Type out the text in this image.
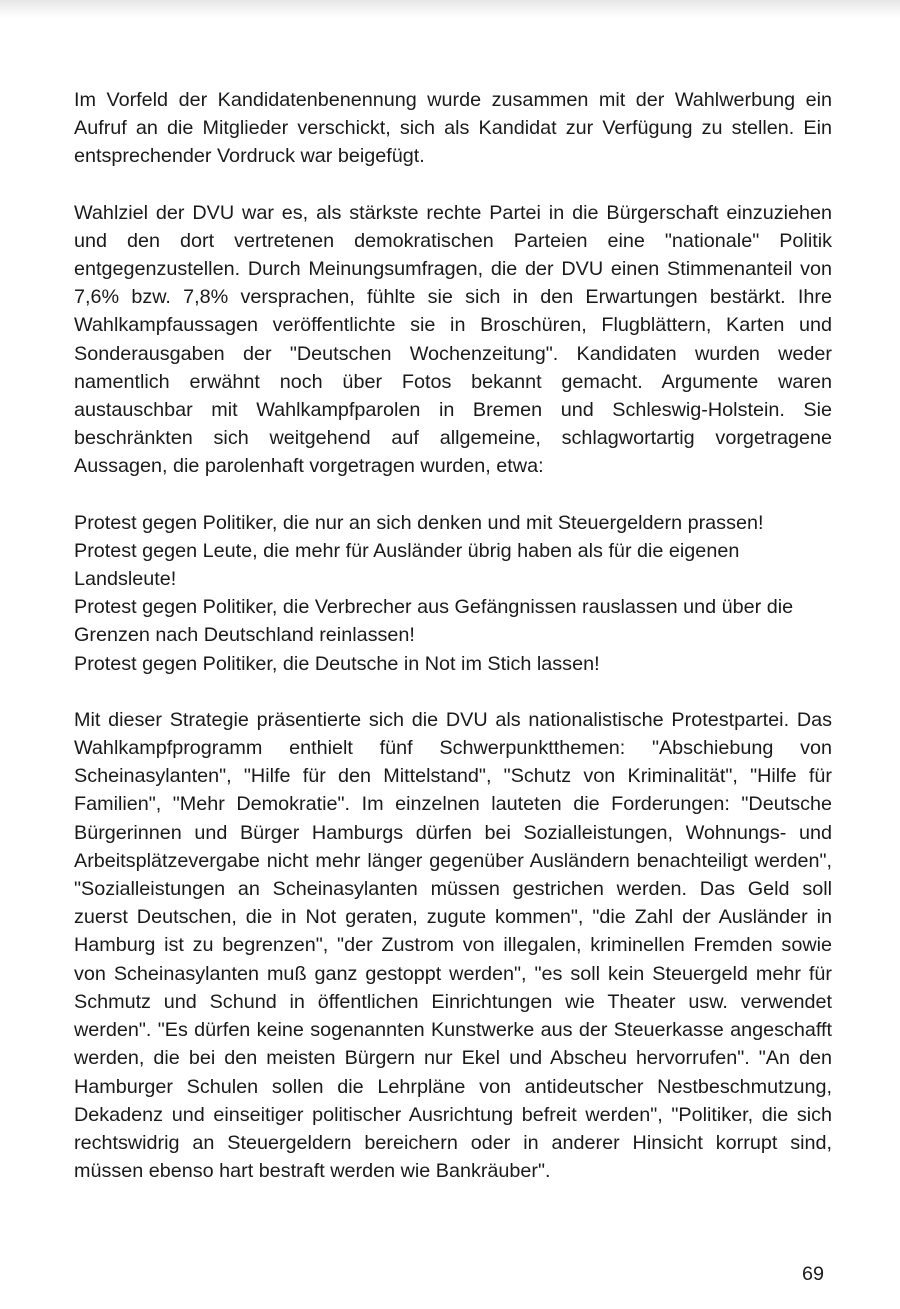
Im Vorfeld der Kandidatenbenennung wurde zusammen mit der Wahlwerbung ein Aufruf an die Mitglieder verschickt, sich als Kandidat zur Verfügung zu stellen. Ein entsprechender Vordruck war beigefügt.

Wahlziel der DVU war es, als stärkste rechte Partei in die Bürgerschaft einzuziehen und den dort vertretenen demokratischen Parteien eine "nationale" Politik entgegenzustellen. Durch Meinungsumfragen, die der DVU einen Stimmenanteil von 7,6% bzw. 7,8% versprachen, fühlte sie sich in den Erwartungen bestärkt. Ihre Wahlkampfaussagen veröffentlichte sie in Broschüren, Flugblättern, Karten und Sonderausgaben der "Deutschen Wochenzeitung". Kandidaten wurden weder namentlich erwähnt noch über Fotos bekannt gemacht. Argumente waren austauschbar mit Wahlkampfparolen in Bremen und Schleswig-Holstein. Sie beschränkten sich weitgehend auf allgemeine, schlagwortartig vorgetragene Aussagen, die parolenhaft vorgetragen wurden, etwa:

Protest gegen Politiker, die nur an sich denken und mit Steuergeldern prassen!

Protest gegen Leute, die mehr für Ausländer übrig haben als für die eigenen Landsleute!

Protest gegen Politiker, die Verbrecher aus Gefängnissen rauslassen und über die Grenzen nach Deutschland reinlassen!

Protest gegen Politiker, die Deutsche in Not im Stich lassen!

Mit dieser Strategie präsentierte sich die DVU als nationalistische Protestpartei. Das Wahlkampfprogramm enthielt fünf Schwerpunktthemen: "Abschiebung von Scheinasylanten", "Hilfe für den Mittelstand", "Schutz von Kriminalität", "Hilfe für Familien", "Mehr Demokratie". Im einzelnen lauteten die Forderungen: "Deutsche Bürgerinnen und Bürger Hamburgs dürfen bei Sozialleistungen, Wohnungs- und Arbeitsplätzevergabe nicht mehr länger gegenüber Ausländern benachteiligt werden", "Sozialleistungen an Scheinasylanten müssen gestrichen werden. Das Geld soll zuerst Deutschen, die in Not geraten, zugute kommen", "die Zahl der Ausländer in Hamburg ist zu begrenzen", "der Zustrom von illegalen, kriminellen Fremden sowie von Scheinasylanten muß ganz gestoppt werden", "es soll kein Steuergeld mehr für Schmutz und Schund in öffentlichen Einrichtungen wie Theater usw. verwendet werden". "Es dürfen keine sogenannten Kunstwerke aus der Steuerkasse angeschafft werden, die bei den meisten Bürgern nur Ekel und Abscheu hervorrufen". "An den Hamburger Schulen sollen die Lehrpläne von antideutscher Nestbeschmutzung, Dekadenz und einseitiger politischer Ausrichtung befreit werden", "Politiker, die sich rechtswidrig an Steuergeldern bereichern oder in anderer Hinsicht korrupt sind, müssen ebenso hart bestraft werden wie Bankräuber".

69
